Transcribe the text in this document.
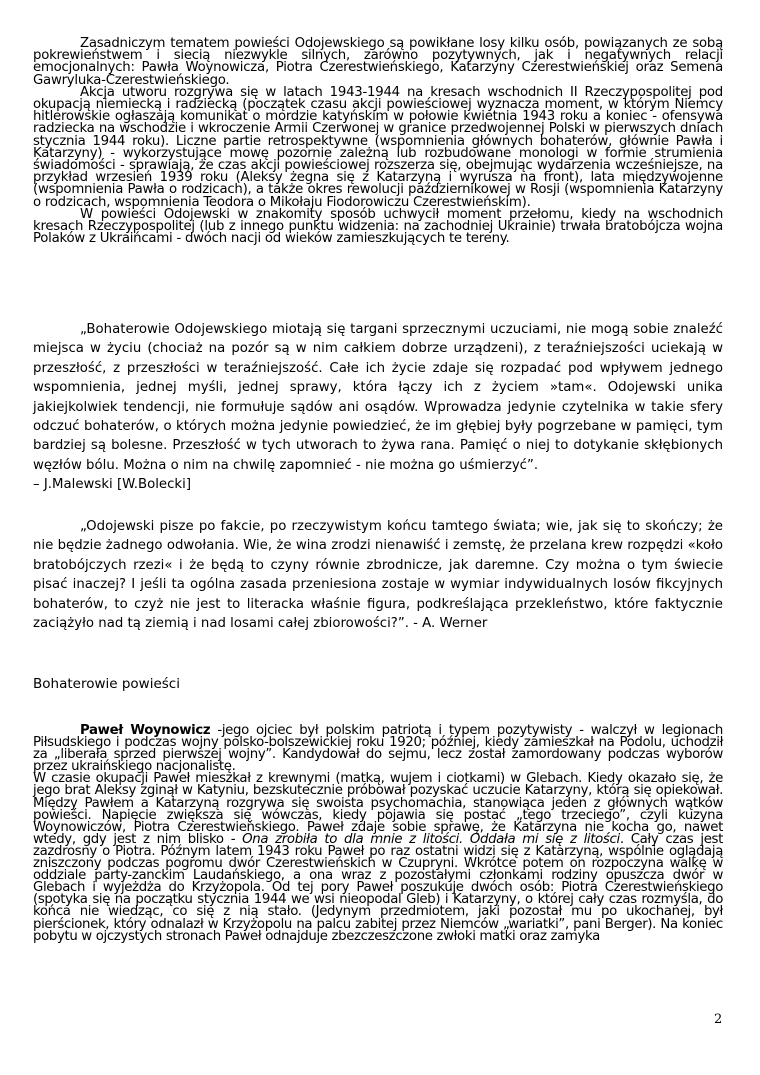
Zasadniczym tematem powieści Odojewskiego są powikłane losy kilku osób, powiązanych ze sobą pokrewieństwem i siecią niezwykle silnych, zarówno pozytywnych, jak i negatywnych relacji emocjonalnych: Pawła Woynowicza, Piotra Czerestwieńskiego, Katarzyny Czerestwieńskiej oraz Semena Gawryluka-Czerestwieńskiego.

Akcja utworu rozgrywa się w latach 1943-1944 na kresach wschodnich II Rzeczypospolitej pod okupacją niemiecką i radziecką (początek czasu akcji powieściowej wyznacza moment, w którym Niemcy hitlerowskie ogłaszają komunikat o mordzie katyńskim w połowie kwietnia 1943 roku a koniec - ofensywa radziecka na wschodzie i wkroczenie Armii Czerwonej w granice przedwojennej Polski w pierwszych dniach stycznia 1944 roku). Liczne partie retrospektywne (wspomnienia głównych bohaterów, głównie Pawła i Katarzyny) - wykorzystujące mowę pozornie zależną lub rozbudowane monologi w formie strumienia świadomości - sprawiają, że czas akcji powieściowej rozszerza się, obejmując wydarzenia wcześniejsze, na przykład wrzesień 1939 roku (Aleksy żegna się z Katarzyną i wyrusza na front), lata międzywojenne (wspomnienia Pawła o rodzicach), a także okres rewolucji październikowej w Rosji (wspomnienia Katarzyny o rodzicach, wspomnienia Teodora o Mikołaju Fiodorowiczu Czerestwieńskim).

W powieści Odojewski w znakomity sposób uchwycił moment przełomu, kiedy na wschodnich kresach Rzeczypospolitej (lub z innego punktu widzenia: na zachodniej Ukrainie) trwała bratobójcza wojna Polaków z Ukraińcami - dwóch nacji od wieków zamieszkujących te tereny.

„Bohaterowie Odojewskiego miotają się targani sprzecznymi uczuciami, nie mogą sobie znaleźć miejsca w życiu (chociaż na pozór są w nim całkiem dobrze urządzeni), z teraźniejszości uciekają w przeszłość, z przeszłości w teraźniejszość. Całe ich życie zdaje się rozpadać pod wpływem jednego wspomnienia, jednej myśli, jednej sprawy, która łączy ich z życiem »tam«. Odojewski unika jakiejkolwiek tendencji, nie formułuje sądów ani osądów. Wprowadza jedynie czytelnika w takie sfery odczuć bohaterów, o których można jedynie powiedzieć, że im głębiej były pogrzebane w pamięci, tym bardziej są bolesne. Przeszłość w tych utworach to żywa rana. Pamięć o niej to dotykanie skłębionych węzłów bólu. Można o nim na chwilę zapomnieć - nie można go uśmierzyć”.

– J.Malewski [W.Bolecki]

„Odojewski pisze po fakcie, po rzeczywistym końcu tamtego świata; wie, jak się to skończy; że nie będzie żadnego odwołania. Wie, że wina zrodzi nienawiść i zemstę, że przelana krew rozpędzi «koło bratobójczych rzezi« i że będą to czyny równie zbrodnicze, jak daremne. Czy można o tym świecie pisać inaczej? I jeśli ta ogólna zasada przeniesiona zostaje w wymiar indywidualnych losów fikcyjnych bohaterów, to czyż nie jest to literacka właśnie figura, podkreślająca przekleństwo, które faktycznie zaciążyło nad tą ziemią i nad losami całej zbiorowości?”. - A. Werner

Bohaterowie powieści

Paweł Woynowicz -jego ojciec był polskim patriotą i typem pozytywisty - walczył w legionach Piłsudskiego i podczas wojny polsko-bolszewickiej roku 1920; później, kiedy zamieszkał na Podolu, uchodził za „liberała sprzed pierwszej wojny”. Kandydował do sejmu, lecz został zamordowany podczas wyborów przez ukraińskiego nacjonalistę.

W czasie okupacji Paweł mieszkał z krewnymi (matką, wujem i ciotkami) w Glebach. Kiedy okazało się, że jego brat Aleksy zginął w Katyniu, bezskutecznie próbował pozyskać uczucie Katarzyny, którą się opiekował. Między Pawłem a Katarzyną rozgrywa się swoista psychomachia, stanowiąca jeden z głównych wątków powieści. Napięcie zwiększa się wówczas, kiedy pojawia się postać „tego trzeciego”, czyli kuzyna Woynowiczów, Piotra Czerestwieńskiego. Paweł zdaje sobie sprawę, że Katarzyna nie kocha go, nawet wtedy, gdy jest z nim blisko - Ona zrobiła to dla mnie z litości. Oddała mi się z litości. Cały czas jest zazdrosny o Piotra. Późnym latem 1943 roku Paweł po raz ostatni widzi się z Katarzyną, wspólnie oglądają zniszczony podczas pogromu dwór Czerestwieńskich w Czupryni. Wkrótce potem on rozpoczyna walkę w oddziale party-zanckim Laudańskiego, a ona wraz z pozostałymi członkami rodziny opuszcza dwór w Glebach i wyjeżdża do Krzyżopola. Od tej pory Paweł poszukuje dwóch osób: Piotra Czerestwieńskiego (spotyka się na początku stycznia 1944 we wsi nieopodal Gleb) i Katarzyny, o której cały czas rozmyśla, do końca nie wiedząc, co się z nią stało. (Jedynym przedmiotem, jaki pozostał mu po ukochanej, był pierścionek, który odnalazł w Krzyżopolu na palcu zabitej przez Niemców „wariatki”, pani Berger). Na koniec pobytu w ojczystych stronach Paweł odnajduje zbezczeszczone zwłoki matki oraz zamyka

2
